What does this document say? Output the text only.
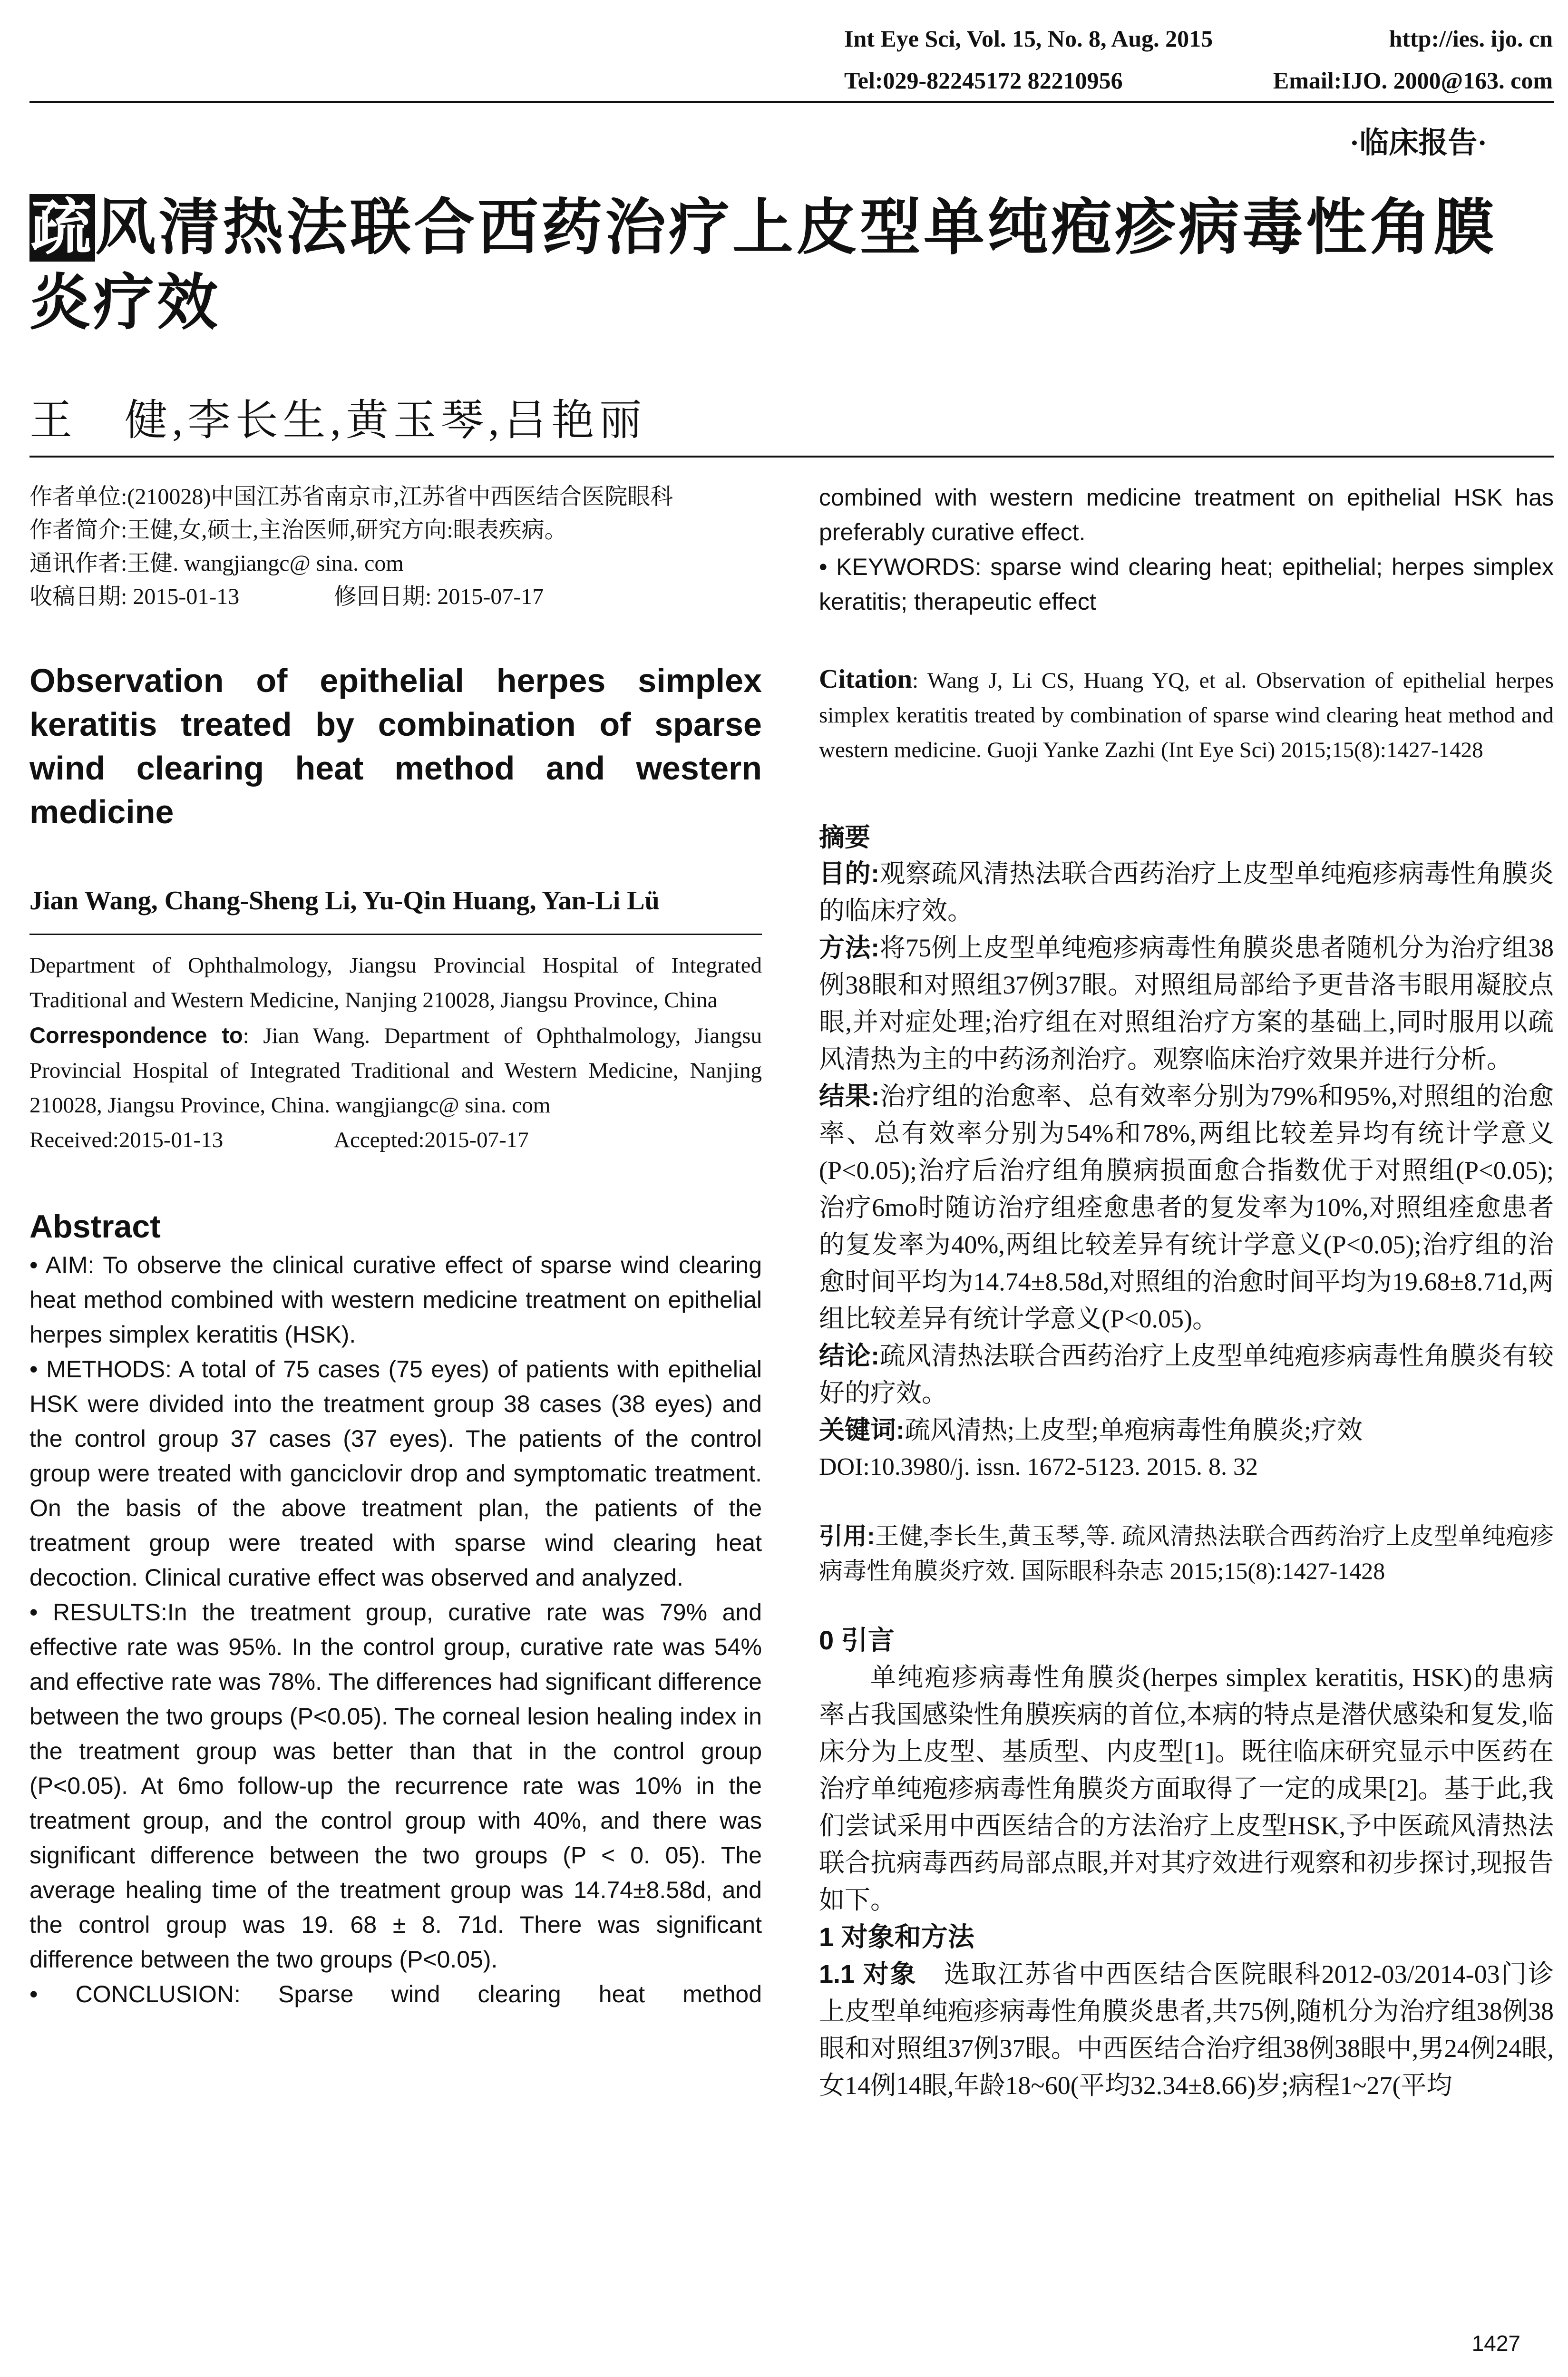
Int Eye Sci, Vol. 15, No. 8, Aug. 2015	http://ies. ijo. cn
Tel:029-82245172 82210956	Email:IJO. 2000@163. com
·临床报告·
疏风清热法联合西药治疗上皮型单纯疱疹病毒性角膜炎疗效
王　健,李长生,黄玉琴,吕艳丽
作者单位:(210028)中国江苏省南京市,江苏省中西医结合医院眼科
作者简介:王健,女,硕士,主治医师,研究方向:眼表疾病。
通讯作者:王健. wangjiangc@ sina. com
收稿日期: 2015-01-13	修回日期: 2015-07-17
Observation of epithelial herpes simplex keratitis treated by combination of sparse wind clearing heat method and western medicine
Jian Wang, Chang-Sheng Li, Yu-Qin Huang, Yan-Li Lü
Department of Ophthalmology, Jiangsu Provincial Hospital of Integrated Traditional and Western Medicine, Nanjing 210028, Jiangsu Province, China
Correspondence to: Jian Wang. Department of Ophthalmology, Jiangsu Provincial Hospital of Integrated Traditional and Western Medicine, Nanjing 210028, Jiangsu Province, China. wangjiangc@ sina. com
Received:2015-01-13	Accepted:2015-07-17
Abstract

• AIM: To observe the clinical curative effect of sparse wind clearing heat method combined with western medicine treatment on epithelial herpes simplex keratitis (HSK).

• METHODS: A total of 75 cases (75 eyes) of patients with epithelial HSK were divided into the treatment group 38 cases (38 eyes) and the control group 37 cases (37 eyes). The patients of the control group were treated with ganciclovir drop and symptomatic treatment. On the basis of the above treatment plan, the patients of the treatment group were treated with sparse wind clearing heat decoction. Clinical curative effect was observed and analyzed.

• RESULTS:In the treatment group, curative rate was 79% and effective rate was 95%. In the control group, curative rate was 54% and effective rate was 78%. The differences had significant difference between the two groups (P<0.05). The corneal lesion healing index in the treatment group was better than that in the control group (P<0.05). At 6mo follow-up the recurrence rate was 10% in the treatment group, and the control group with 40%, and there was significant difference between the two groups (P < 0. 05). The average healing time of the treatment group was 14.74±8.58d, and the control group was 19. 68 ± 8. 71d. There was significant difference between the two groups (P<0.05).

• CONCLUSION: Sparse wind clearing heat method

combined with western medicine treatment on epithelial HSK has preferably curative effect.

• KEYWORDS: sparse wind clearing heat; epithelial; herpes simplex keratitis; therapeutic effect

Citation: Wang J, Li CS, Huang YQ, et al. Observation of epithelial herpes simplex keratitis treated by combination of sparse wind clearing heat method and western medicine. Guoji Yanke Zazhi (Int Eye Sci) 2015;15(8):1427-1428
摘要

目的:观察疏风清热法联合西药治疗上皮型单纯疱疹病毒性角膜炎的临床疗效。

方法:将75例上皮型单纯疱疹病毒性角膜炎患者随机分为治疗组38例38眼和对照组37例37眼。对照组局部给予更昔洛韦眼用凝胶点眼,并对症处理;治疗组在对照组治疗方案的基础上,同时服用以疏风清热为主的中药汤剂治疗。观察临床治疗效果并进行分析。

结果:治疗组的治愈率、总有效率分别为79%和95%,对照组的治愈率、总有效率分别为54%和78%,两组比较差异均有统计学意义(P<0.05);治疗后治疗组角膜病损面愈合指数优于对照组(P<0.05);治疗6mo时随访治疗组痊愈患者的复发率为10%,对照组痊愈患者的复发率为40%,两组比较差异有统计学意义(P<0.05);治疗组的治愈时间平均为14.74±8.58d,对照组的治愈时间平均为19.68±8.71d,两组比较差异有统计学意义(P<0.05)。

结论:疏风清热法联合西药治疗上皮型单纯疱疹病毒性角膜炎有较好的疗效。

关键词:疏风清热;上皮型;单疱病毒性角膜炎;疗效

DOI:10.3980/j. issn. 1672-5123. 2015. 8. 32
引用:王健,李长生,黄玉琴,等. 疏风清热法联合西药治疗上皮型单纯疱疹病毒性角膜炎疗效. 国际眼科杂志 2015;15(8):1427-1428
0 引言

单纯疱疹病毒性角膜炎(herpes simplex keratitis, HSK)的患病率占我国感染性角膜疾病的首位,本病的特点是潜伏感染和复发,临床分为上皮型、基质型、内皮型[1]。既往临床研究显示中医药在治疗单纯疱疹病毒性角膜炎方面取得了一定的成果[2]。基于此,我们尝试采用中西医结合的方法治疗上皮型HSK,予中医疏风清热法联合抗病毒西药局部点眼,并对其疗效进行观察和初步探讨,现报告如下。

1 对象和方法

1.1 对象　选取江苏省中西医结合医院眼科2012-03/2014-03门诊上皮型单纯疱疹病毒性角膜炎患者,共75例,随机分为治疗组38例38眼和对照组37例37眼。中西医结合治疗组38例38眼中,男24例24眼,女14例14眼,年龄18~60(平均32.34±8.66)岁;病程1~27(平均

1427
